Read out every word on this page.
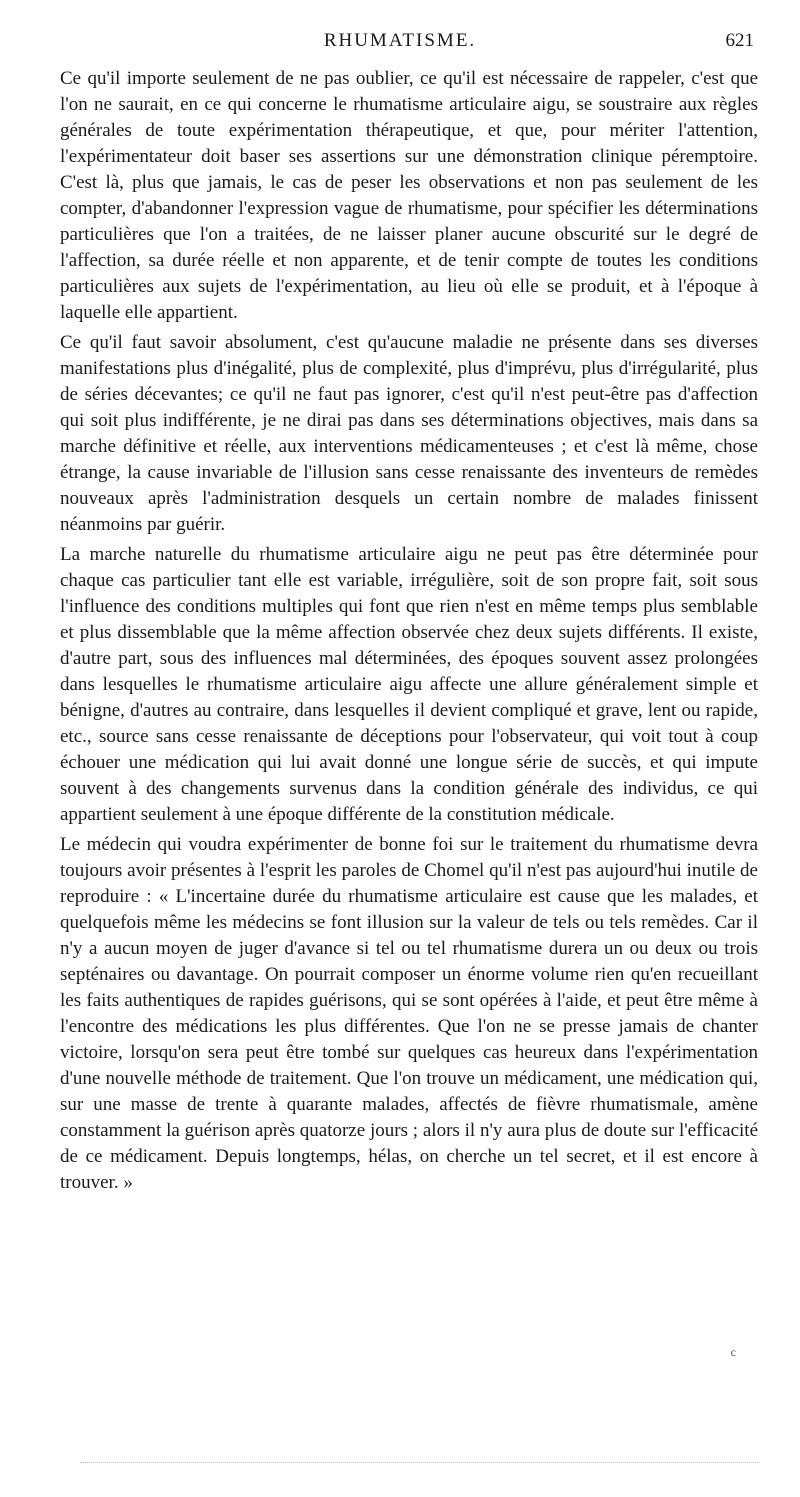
RHUMATISME.	621

Ce qu'il importe seulement de ne pas oublier, ce qu'il est nécessaire de rappeler, c'est que l'on ne saurait, en ce qui concerne le rhumatisme articulaire aigu, se soustraire aux règles générales de toute expérimentation thérapeutique, et que, pour mériter l'attention, l'expérimentateur doit baser ses assertions sur une démonstration clinique péremptoire. C'est là, plus que jamais, le cas de peser les observations et non pas seulement de les compter, d'abandonner l'expression vague de rhumatisme, pour spécifier les déterminations particulières que l'on a traitées, de ne laisser planer aucune obscurité sur le degré de l'affection, sa durée réelle et non apparente, et de tenir compte de toutes les conditions particulières aux sujets de l'expérimentation, au lieu où elle se produit, et à l'époque à laquelle elle appartient.

Ce qu'il faut savoir absolument, c'est qu'aucune maladie ne présente dans ses diverses manifestations plus d'inégalité, plus de complexité, plus d'imprévu, plus d'irrégularité, plus de séries décevantes; ce qu'il ne faut pas ignorer, c'est qu'il n'est peut-être pas d'affection qui soit plus indifférente, je ne dirai pas dans ses déterminations objectives, mais dans sa marche définitive et réelle, aux interventions médicamenteuses ; et c'est là même, chose étrange, la cause invariable de l'illusion sans cesse renaissante des inventeurs de remèdes nouveaux après l'administration desquels un certain nombre de malades finissent néanmoins par guérir.

La marche naturelle du rhumatisme articulaire aigu ne peut pas être déterminée pour chaque cas particulier tant elle est variable, irrégulière, soit de son propre fait, soit sous l'influence des conditions multiples qui font que rien n'est en même temps plus semblable et plus dissemblable que la même affection observée chez deux sujets différents. Il existe, d'autre part, sous des influences mal déterminées, des époques souvent assez prolongées dans lesquelles le rhumatisme articulaire aigu affecte une allure généralement simple et bénigne, d'autres au contraire, dans lesquelles il devient compliqué et grave, lent ou rapide, etc., source sans cesse renaissante de déceptions pour l'observateur, qui voit tout à coup échouer une médication qui lui avait donné une longue série de succès, et qui impute souvent à des changements survenus dans la condition générale des individus, ce qui appartient seulement à une époque différente de la constitution médicale.

Le médecin qui voudra expérimenter de bonne foi sur le traitement du rhumatisme devra toujours avoir présentes à l'esprit les paroles de Chomel qu'il n'est pas aujourd'hui inutile de reproduire : « L'incertaine durée du rhumatisme articulaire est cause que les malades, et quelquefois même les médecins se font illusion sur la valeur de tels ou tels remèdes. Car il n'y a aucun moyen de juger d'avance si tel ou tel rhumatisme durera un ou deux ou trois septénaires ou davantage. On pourrait composer un énorme volume rien qu'en recueillant les faits authentiques de rapides guérisons, qui se sont opérées à l'aide, et peut être même à l'encontre des médications les plus différentes. Que l'on ne se presse jamais de chanter victoire, lorsqu'on sera peut être tombé sur quelques cas heureux dans l'expérimentation d'une nouvelle méthode de traitement. Que l'on trouve un médicament, une médication qui, sur une masse de trente à quarante malades, affectés de fièvre rhumatismale, amène constamment la guérison après quatorze jours ; alors il n'y aura plus de doute sur l'efficacité de ce médicament. Depuis longtemps, hélas, on cherche un tel secret, et il est encore à trouver. »

c
